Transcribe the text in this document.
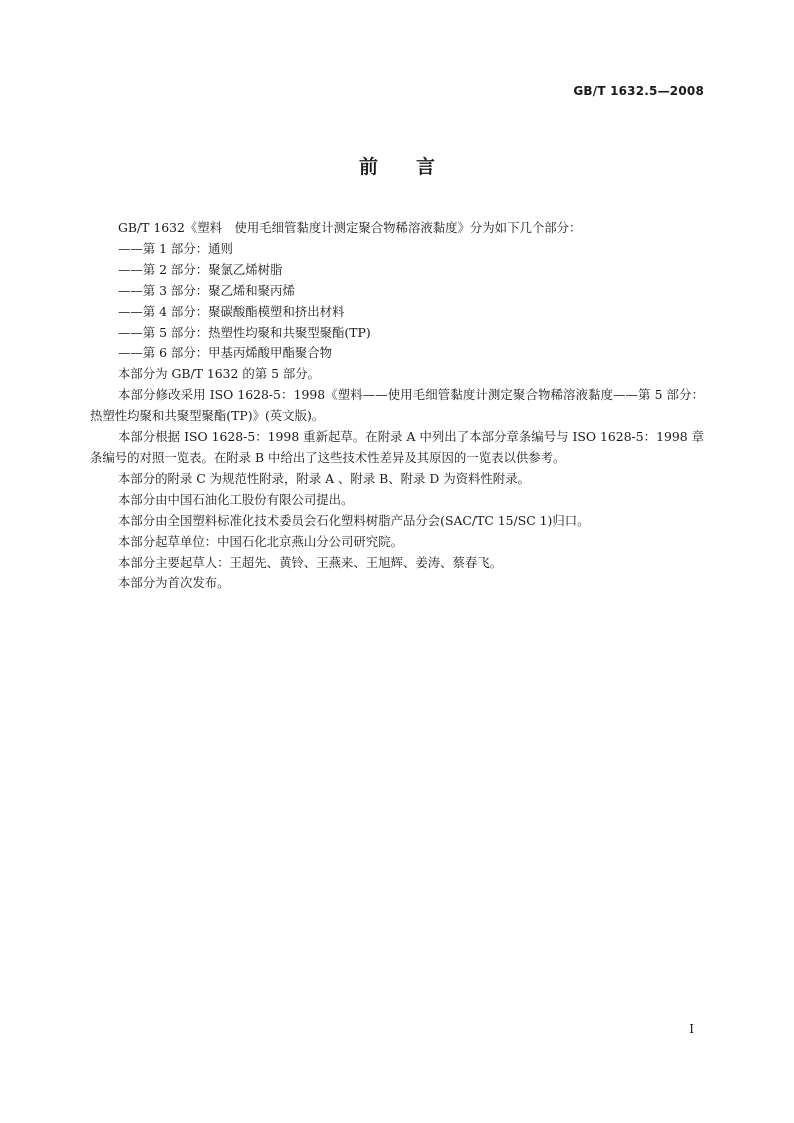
GB/T 1632.5—2008
前　　言

GB/T 1632《塑料　使用毛细管黏度计测定聚合物稀溶液黏度》分为如下几个部分：

——第 1 部分：通则

——第 2 部分：聚氯乙烯树脂

——第 3 部分：聚乙烯和聚丙烯

——第 4 部分：聚碳酸酯模塑和挤出材料

——第 5 部分：热塑性均聚和共聚型聚酯(TP)

——第 6 部分：甲基丙烯酸甲酯聚合物

本部分为 GB/T 1632 的第 5 部分。

本部分修改采用 ISO 1628-5：1998《塑料——使用毛细管黏度计测定聚合物稀溶液黏度——第 5 部分：热塑性均聚和共聚型聚酯(TP)》(英文版)。

本部分根据 ISO 1628-5：1998 重新起草。在附录 A 中列出了本部分章条编号与 ISO 1628-5：1998 章条编号的对照一览表。在附录 B 中给出了这些技术性差异及其原因的一览表以供参考。

本部分的附录 C 为规范性附录，附录 A 、附录 B、附录 D 为资料性附录。

本部分由中国石油化工股份有限公司提出。

本部分由全国塑料标准化技术委员会石化塑料树脂产品分会(SAC/TC 15/SC 1)归口。

本部分起草单位：中国石化北京燕山分公司研究院。

本部分主要起草人：王超先、黄铃、王燕来、王旭辉、姜涛、蔡春飞。

本部分为首次发布。

I
